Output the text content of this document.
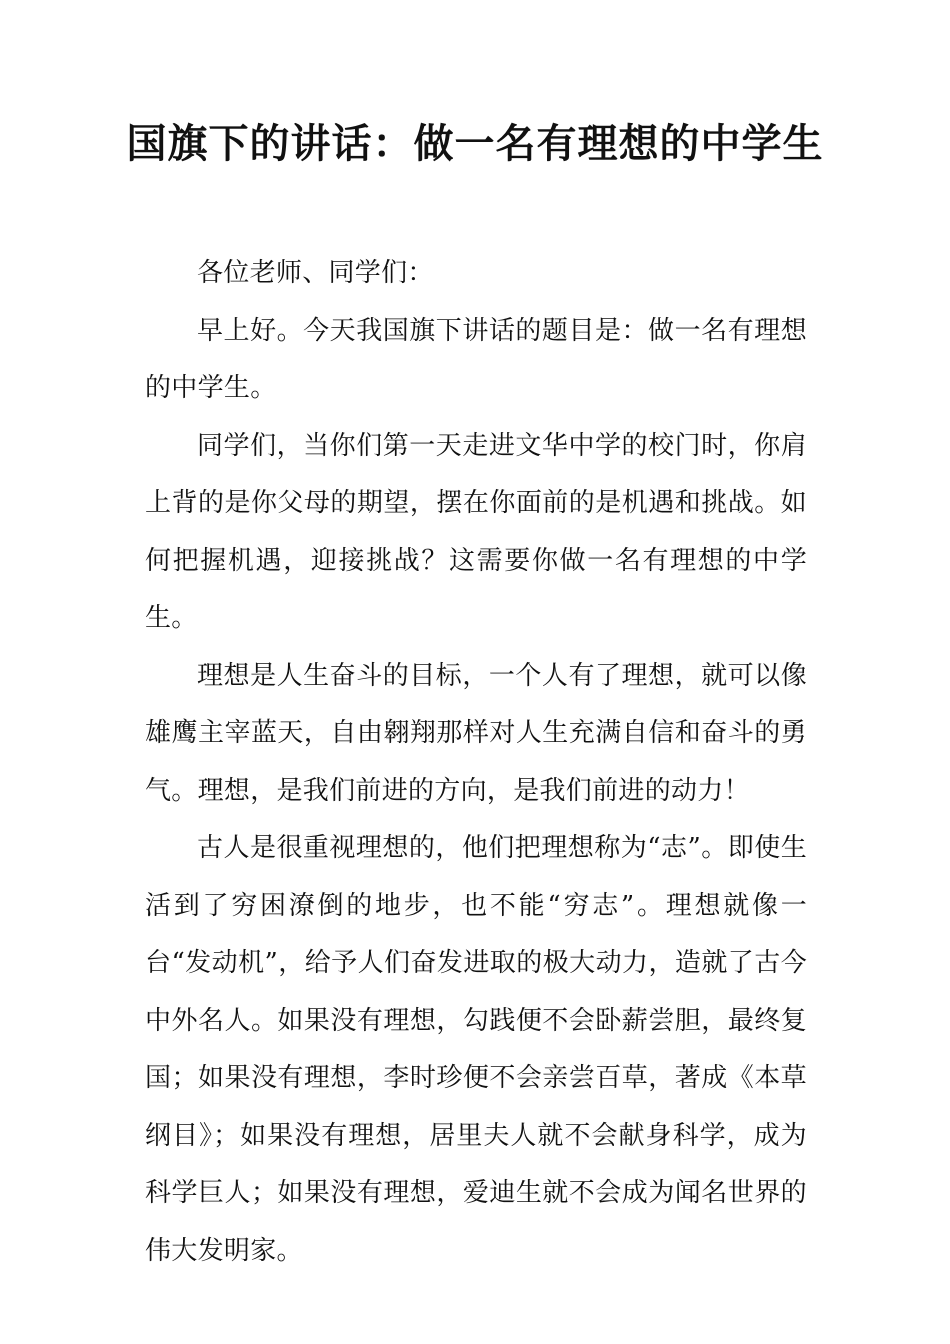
国旗下的讲话：做一名有理想的中学生

各位老师、同学们：

早上好。今天我国旗下讲话的题目是：做一名有理想的中学生。

同学们，当你们第一天走进文华中学的校门时，你肩上背的是你父母的期望，摆在你面前的是机遇和挑战。如何把握机遇，迎接挑战？这需要你做一名有理想的中学生。

理想是人生奋斗的目标，一个人有了理想，就可以像雄鹰主宰蓝天，自由翱翔那样对人生充满自信和奋斗的勇气。理想，是我们前进的方向，是我们前进的动力！

古人是很重视理想的，他们把理想称为“志”。即使生活到了穷困潦倒的地步，也不能“穷志”。理想就像一台“发动机”，给予人们奋发进取的极大动力，造就了古今中外名人。如果没有理想，勾践便不会卧薪尝胆，最终复国；如果没有理想，李时珍便不会亲尝百草，著成《本草纲目》；如果没有理想，居里夫人就不会献身科学，成为科学巨人；如果没有理想，爱迪生就不会成为闻名世界的伟大发明家。
